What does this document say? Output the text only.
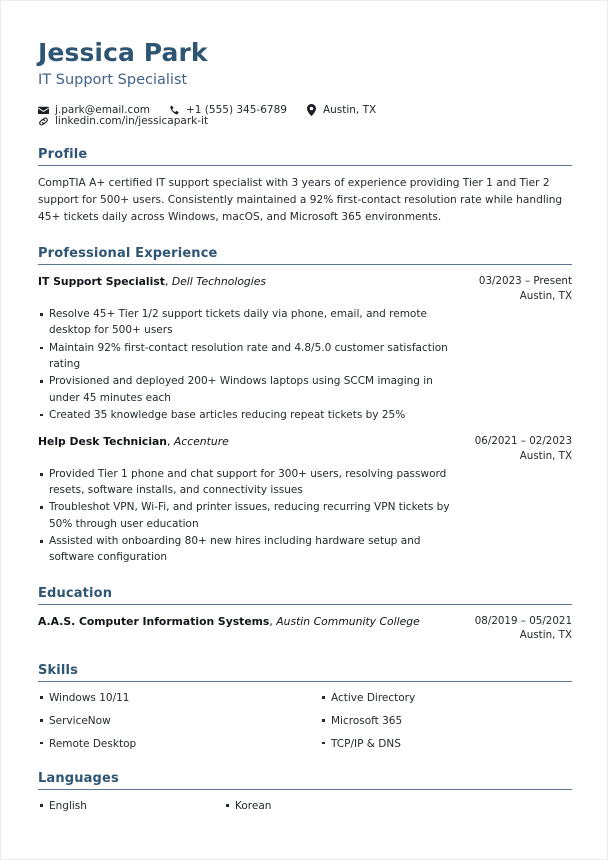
Jessica Park
IT Support Specialist
j.park@email.com	+1 (555) 345-6789	Austin, TX
linkedin.com/in/jessicapark-it
Profile

CompTIA A+ certified IT support specialist with 3 years of experience providing Tier 1 and Tier 2 support for 500+ users. Consistently maintained a 92% first-contact resolution rate while handling 45+ tickets daily across Windows, macOS, and Microsoft 365 environments.

Professional Experience
IT Support Specialist, Dell Technologies	03/2023 – Present
Austin, TX
Resolve 45+ Tier 1/2 support tickets daily via phone, email, and remote desktop for 500+ users
Maintain 92% first-contact resolution rate and 4.8/5.0 customer satisfaction rating
Provisioned and deployed 200+ Windows laptops using SCCM imaging in under 45 minutes each
Created 35 knowledge base articles reducing repeat tickets by 25%
Help Desk Technician, Accenture	06/2021 – 02/2023
Austin, TX
Provided Tier 1 phone and chat support for 300+ users, resolving password resets, software installs, and connectivity issues
Troubleshot VPN, Wi-Fi, and printer issues, reducing recurring VPN tickets by 50% through user education
Assisted with onboarding 80+ new hires including hardware setup and software configuration
Education
A.A.S. Computer Information Systems, Austin Community College	08/2019 – 05/2021
Austin, TX
Skills
Windows 10/11	Active Directory
ServiceNow	Microsoft 365
Remote Desktop	TCP/IP & DNS
Languages
English	Korean
